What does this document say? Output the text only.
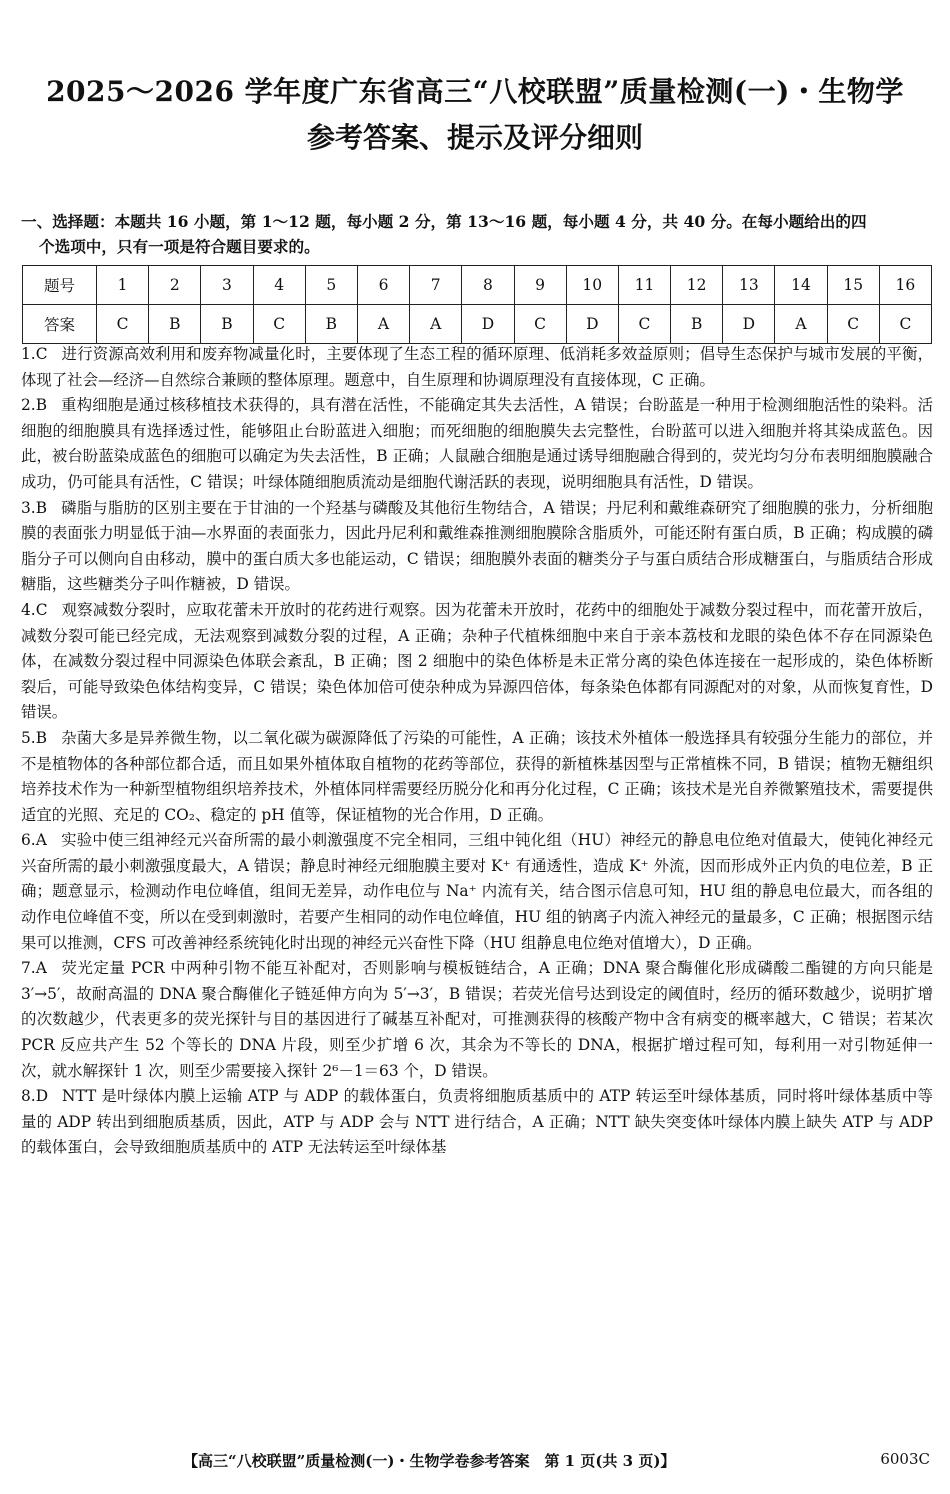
2025～2026 学年度广东省高三“八校联盟”质量检测(一)・生物学
参考答案、提示及评分细则
一、选择题：本题共 16 小题，第 1～12 题，每小题 2 分，第 13～16 题，每小题 4 分，共 40 分。在每小题给出的四
个选项中，只有一项是符合题目要求的。
题号	1	2	3	4	5	6	7	8	9	10	11	12	13	14	15	16
答案	C	B	B	C	B	A	A	D	C	D	C	B	D	A	C	C

1.C 进行资源高效利用和废弃物减量化时，主要体现了生态工程的循环原理、低消耗多效益原则；倡导生态保护与城市发展的平衡，体现了社会—经济—自然综合兼顾的整体原理。题意中，自生原理和协调原理没有直接体现，C 正确。

2.B 重构细胞是通过核移植技术获得的，具有潜在活性，不能确定其失去活性，A 错误；台盼蓝是一种用于检测细胞活性的染料。活细胞的细胞膜具有选择透过性，能够阻止台盼蓝进入细胞；而死细胞的细胞膜失去完整性，台盼蓝可以进入细胞并将其染成蓝色。因此，被台盼蓝染成蓝色的细胞可以确定为失去活性，B 正确；人鼠融合细胞是通过诱导细胞融合得到的，荧光均匀分布表明细胞膜融合成功，仍可能具有活性，C 错误；叶绿体随细胞质流动是细胞代谢活跃的表现，说明细胞具有活性，D 错误。

3.B 磷脂与脂肪的区别主要在于甘油的一个羟基与磷酸及其他衍生物结合，A 错误；丹尼利和戴维森研究了细胞膜的张力，分析细胞膜的表面张力明显低于油—水界面的表面张力，因此丹尼利和戴维森推测细胞膜除含脂质外，可能还附有蛋白质，B 正确；构成膜的磷脂分子可以侧向自由移动，膜中的蛋白质大多也能运动，C 错误；细胞膜外表面的糖类分子与蛋白质结合形成糖蛋白，与脂质结合形成糖脂，这些糖类分子叫作糖被，D 错误。

4.C 观察减数分裂时，应取花蕾未开放时的花药进行观察。因为花蕾未开放时，花药中的细胞处于减数分裂过程中，而花蕾开放后，减数分裂可能已经完成，无法观察到减数分裂的过程，A 正确；杂种子代植株细胞中来自于亲本荔枝和龙眼的染色体不存在同源染色体，在减数分裂过程中同源染色体联会紊乱，B 正确；图 2 细胞中的染色体桥是未正常分离的染色体连接在一起形成的，染色体桥断裂后，可能导致染色体结构变异，C 错误；染色体加倍可使杂种成为异源四倍体，每条染色体都有同源配对的对象，从而恢复育性，D 错误。

5.B 杂菌大多是异养微生物，以二氧化碳为碳源降低了污染的可能性，A 正确；该技术外植体一般选择具有较强分生能力的部位，并不是植物体的各种部位都合适，而且如果外植体取自植物的花药等部位，获得的新植株基因型与正常植株不同，B 错误；植物无糖组织培养技术作为一种新型植物组织培养技术，外植体同样需要经历脱分化和再分化过程，C 正确；该技术是光自养微繁殖技术，需要提供适宜的光照、充足的 CO₂、稳定的 pH 值等，保证植物的光合作用，D 正确。

6.A 实验中使三组神经元兴奋所需的最小刺激强度不完全相同，三组中钝化组（HU）神经元的静息电位绝对值最大，使钝化神经元兴奋所需的最小刺激强度最大，A 错误；静息时神经元细胞膜主要对 K⁺ 有通透性，造成 K⁺ 外流，因而形成外正内负的电位差，B 正确；题意显示，检测动作电位峰值，组间无差异，动作电位与 Na⁺ 内流有关，结合图示信息可知，HU 组的静息电位最大，而各组的动作电位峰值不变，所以在受到刺激时，若要产生相同的动作电位峰值，HU 组的钠离子内流入神经元的量最多，C 正确；根据图示结果可以推测，CFS 可改善神经系统钝化时出现的神经元兴奋性下降（HU 组静息电位绝对值增大），D 正确。

7.A 荧光定量 PCR 中两种引物不能互补配对，否则影响与模板链结合，A 正确；DNA 聚合酶催化形成磷酸二酯键的方向只能是 3′→5′，故耐高温的 DNA 聚合酶催化子链延伸方向为 5′→3′，B 错误；若荧光信号达到设定的阈值时，经历的循环数越少，说明扩增的次数越少，代表更多的荧光探针与目的基因进行了碱基互补配对，可推测获得的核酸产物中含有病变的概率越大，C 错误；若某次 PCR 反应共产生 52 个等长的 DNA 片段，则至少扩增 6 次，其余为不等长的 DNA，根据扩增过程可知，每利用一对引物延伸一次，就水解探针 1 次，则至少需要接入探针 2⁶－1＝63 个，D 错误。

8.D NTT 是叶绿体内膜上运输 ATP 与 ADP 的载体蛋白，负责将细胞质基质中的 ATP 转运至叶绿体基质，同时将叶绿体基质中等量的 ADP 转出到细胞质基质，因此，ATP 与 ADP 会与 NTT 进行结合，A 正确；NTT 缺失突变体叶绿体内膜上缺失 ATP 与 ADP 的载体蛋白，会导致细胞质基质中的 ATP 无法转运至叶绿体基

【高三“八校联盟”质量检测(一)・生物学卷参考答案　第 1 页(共 3 页)】	6003C
